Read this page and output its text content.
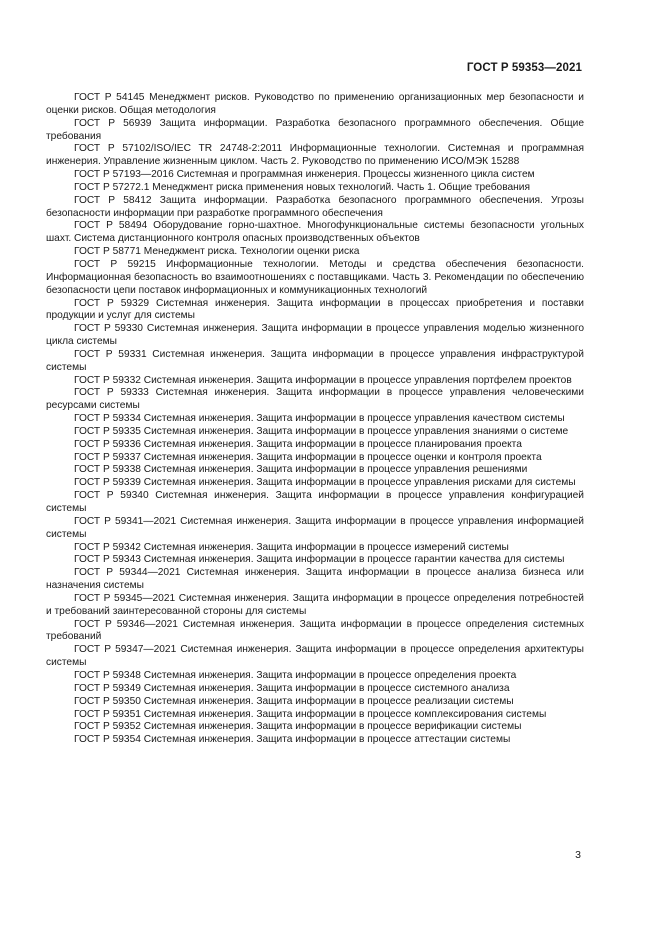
ГОСТ Р 59353—2021

ГОСТ Р 54145 Менеджмент рисков. Руководство по применению организационных мер безопасности и оценки рисков. Общая методология

ГОСТ Р 56939 Защита информации. Разработка безопасного программного обеспечения. Общие требования

ГОСТ Р 57102/ISO/IEC TR 24748-2:2011 Информационные технологии. Системная и программная инженерия. Управление жизненным циклом. Часть 2. Руководство по применению ИСО/МЭК 15288

ГОСТ Р 57193—2016 Системная и программная инженерия. Процессы жизненного цикла систем

ГОСТ Р 57272.1 Менеджмент риска применения новых технологий. Часть 1. Общие требования

ГОСТ Р 58412 Защита информации. Разработка безопасного программного обеспечения. Угрозы безопасности информации при разработке программного обеспечения

ГОСТ Р 58494 Оборудование горно-шахтное. Многофункциональные системы безопасности угольных шахт. Система дистанционного контроля опасных производственных объектов

ГОСТ Р 58771 Менеджмент риска. Технологии оценки риска

ГОСТ Р 59215 Информационные технологии. Методы и средства обеспечения безопасности. Информационная безопасность во взаимоотношениях с поставщиками. Часть 3. Рекомендации по обеспечению безопасности цепи поставок информационных и коммуникационных технологий

ГОСТ Р 59329 Системная инженерия. Защита информации в процессах приобретения и поставки продукции и услуг для системы

ГОСТ Р 59330 Системная инженерия. Защита информации в процессе управления моделью жизненного цикла системы

ГОСТ Р 59331 Системная инженерия. Защита информации в процессе управления инфраструктурой системы

ГОСТ Р 59332 Системная инженерия. Защита информации в процессе управления портфелем проектов

ГОСТ Р 59333 Системная инженерия. Защита информации в процессе управления человеческими ресурсами системы

ГОСТ Р 59334 Системная инженерия. Защита информации в процессе управления качеством системы

ГОСТ Р 59335 Системная инженерия. Защита информации в процессе управления знаниями о системе

ГОСТ Р 59336 Системная инженерия. Защита информации в процессе планирования проекта

ГОСТ Р 59337 Системная инженерия. Защита информации в процессе оценки и контроля проекта

ГОСТ Р 59338 Системная инженерия. Защита информации в процессе управления решениями

ГОСТ Р 59339 Системная инженерия. Защита информации в процессе управления рисками для системы

ГОСТ Р 59340 Системная инженерия. Защита информации в процессе управления конфигурацией системы

ГОСТ Р 59341—2021 Системная инженерия. Защита информации в процессе управления информацией системы

ГОСТ Р 59342 Системная инженерия. Защита информации в процессе измерений системы

ГОСТ Р 59343 Системная инженерия. Защита информации в процессе гарантии качества для системы

ГОСТ Р 59344—2021 Системная инженерия. Защита информации в процессе анализа бизнеса или назначения системы

ГОСТ Р 59345—2021 Системная инженерия. Защита информации в процессе определения потребностей и требований заинтересованной стороны для системы

ГОСТ Р 59346—2021 Системная инженерия. Защита информации в процессе определения системных требований

ГОСТ Р 59347—2021 Системная инженерия. Защита информации в процессе определения архитектуры системы

ГОСТ Р 59348 Системная инженерия. Защита информации в процессе определения проекта

ГОСТ Р 59349 Системная инженерия. Защита информации в процессе системного анализа

ГОСТ Р 59350 Системная инженерия. Защита информации в процессе реализации системы

ГОСТ Р 59351 Системная инженерия. Защита информации в процессе комплексирования системы

ГОСТ Р 59352 Системная инженерия. Защита информации в процессе верификации системы

ГОСТ Р 59354 Системная инженерия. Защита информации в процессе аттестации системы

3
